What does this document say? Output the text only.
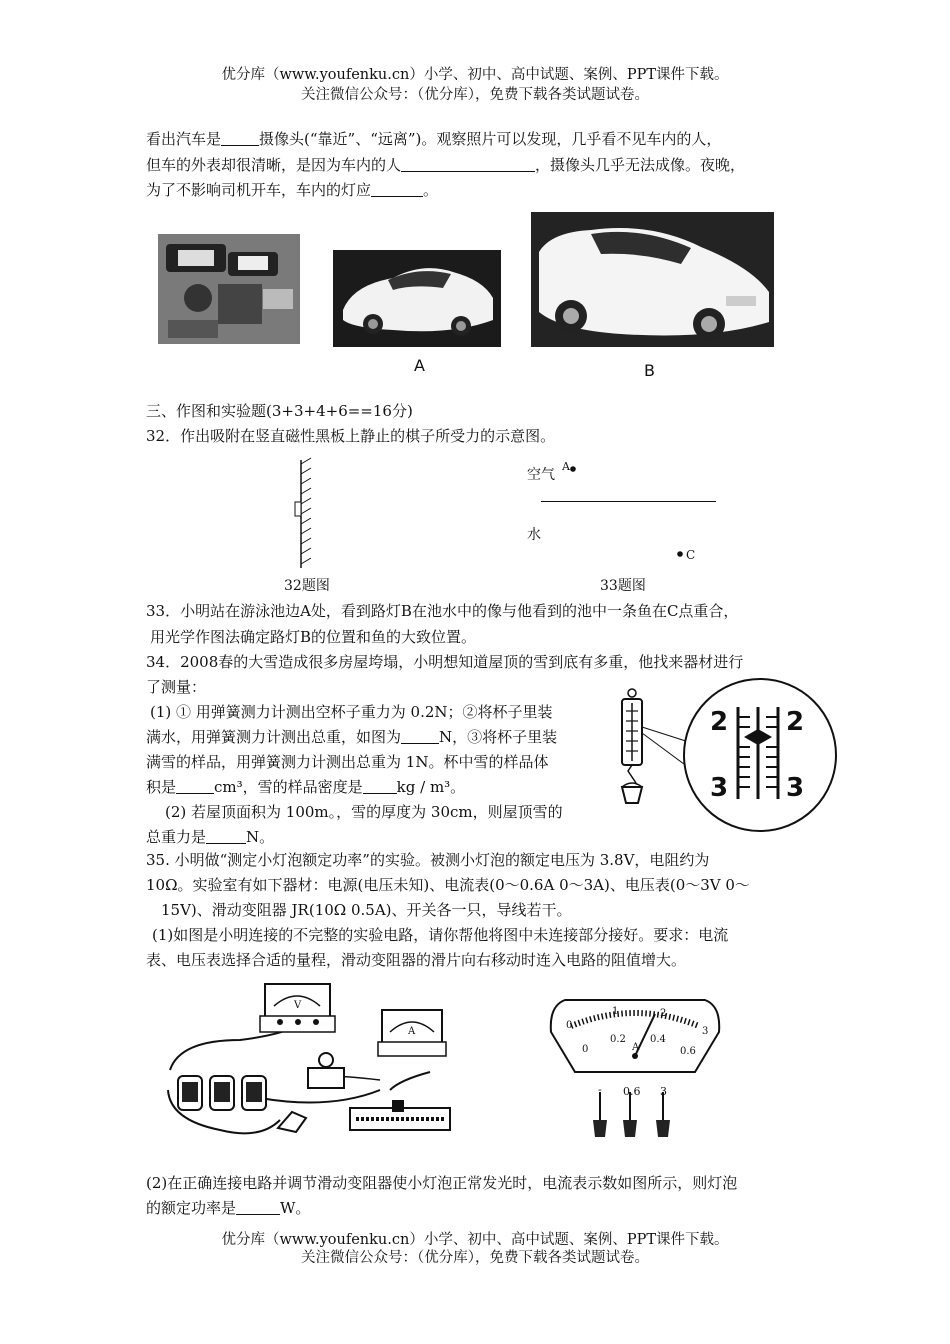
优分库（www.youfenku.cn）小学、初中、高中试题、案例、PPT课件下载。
关注微信公众号：（优分库），免费下载各类试题试卷。
看出汽车是	摄像头(“靠近”、“远离”)。观察照片可以发现，几乎看不见车内的人，
但车的外表却很清晰，是因为车内的人	，摄像头几乎无法成像。夜晚，
为了不影响司机开车，车内的灯应	。
A	B
三、作图和实验题(3+3+4+6==16分)
32．作出吸附在竖直磁性黑板上静止的棋子所受力的示意图。
32题图
空气
A
水
C
33题图
33．小明站在游泳池边A处，看到路灯B在池水中的像与他看到的池中一条鱼在C点重合，
用光学作图法确定路灯B的位置和鱼的大致位置。
34．2008春的大雪造成很多房屋垮塌，小明想知道屋顶的雪到底有多重，他找来器材进行
了测量：
(1) ① 用弹簧测力计测出空杯子重力为 0.2N；②将杯子里装
满水，用弹簧测力计测出总重，如图为	N，③将杯子里装
满雪的样品，用弹簧测力计测出总重为 1N。杯中雪的样品体
积是	cm³，雪的样品密度是 kg / m³。
(2) 若屋顶面积为 100m。，雪的厚度为 30cm，则屋顶雪的
总重力是	N。
2 2
3 3
35. 小明做“测定小灯泡额定功率”的实验。被测小灯泡的额定电压为 3.8V，电阻约为
10Ω。实验室有如下器材：电源(电压未知)、电流表(0～0.6A 0～3A)、电压表(0～3V 0～
15V)、滑动变阻器 JR(10Ω 0.5A)、开关各一只，导线若干。
(1)如图是小明连接的不完整的实验电路，请你帮他将图中未连接部分接好。要求：电流
表、电压表选择合适的量程，滑动变阻器的滑片向右移动时连入电路的阻值增大。
V
A
0
1	2
3
0
0.2 0.4
0.6
A
- 0.6 3
(2)在正确连接电路并调节滑动变阻器使小灯泡正常发光时，电流表示数如图所示，则灯泡
的额定功率是	W。
优分库（www.youfenku.cn）小学、初中、高中试题、案例、PPT课件下载。
关注微信公众号：（优分库），免费下载各类试题试卷。
